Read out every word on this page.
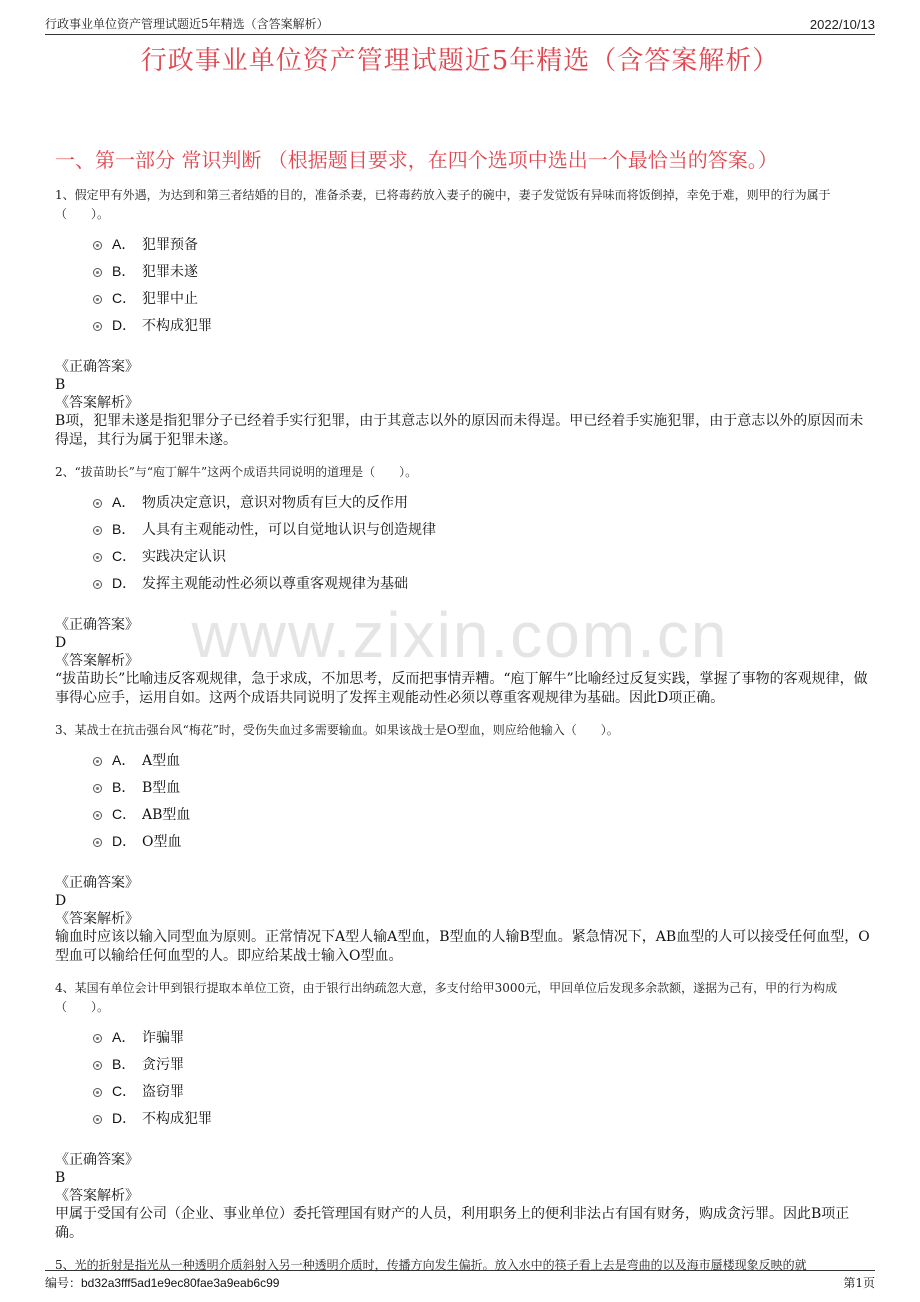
行政事业单位资产管理试题近5年精选（含答案解析）	2022/10/13
行政事业单位资产管理试题近5年精选（含答案解析）
一、第一部分 常识判断 （根据题目要求，在四个选项中选出一个最恰当的答案。）
www.zixin.com.cn
1、假定甲有外遇，为达到和第三者结婚的目的，准备杀妻，已将毒药放入妻子的碗中，妻子发觉饭有异味而将饭倒掉，幸免于难，则甲的行为属于（　　）。
A． 犯罪预备
B． 犯罪未遂
C． 犯罪中止
D． 不构成犯罪
《正确答案》
B
《答案解析》
B项，犯罪未遂是指犯罪分子已经着手实行犯罪，由于其意志以外的原因而未得逞。甲已经着手实施犯罪，由于意志以外的原因而未得逞，其行为属于犯罪未遂。
2、“拔苗助长”与“庖丁解牛”这两个成语共同说明的道理是（　　）。
A． 物质决定意识，意识对物质有巨大的反作用
B． 人具有主观能动性，可以自觉地认识与创造规律
C． 实践决定认识
D． 发挥主观能动性必须以尊重客观规律为基础
《正确答案》
D
《答案解析》
“拔苗助长”比喻违反客观规律，急于求成，不加思考，反而把事情弄糟。“庖丁解牛”比喻经过反复实践，掌握了事物的客观规律，做事得心应手，运用自如。这两个成语共同说明了发挥主观能动性必须以尊重客观规律为基础。因此D项正确。
3、某战士在抗击强台风“梅花”时，受伤失血过多需要输血。如果该战士是O型血，则应给他输入（　　）。
A． A型血
B． B型血
C． AB型血
D． O型血
《正确答案》
D
《答案解析》
输血时应该以输入同型血为原则。正常情况下A型人输A型血，B型血的人输B型血。紧急情况下，AB血型的人可以接受任何血型，O型血可以输给任何血型的人。即应给某战士输入O型血。
4、某国有单位会计甲到银行提取本单位工资，由于银行出纳疏忽大意，多支付给甲3000元，甲回单位后发现多余款额，遂据为己有，甲的行为构成（　　）。
A． 诈骗罪
B． 贪污罪
C． 盗窃罪
D． 不构成犯罪
《正确答案》
B
《答案解析》
甲属于受国有公司（企业、事业单位）委托管理国有财产的人员，利用职务上的便利非法占有国有财务，购成贪污罪。因此B项正确。
5、光的折射是指光从一种透明介质斜射入另一种透明介质时，传播方向发生偏折。放入水中的筷子看上去是弯曲的以及海市蜃楼现象反映的就
编号：bd32a3fff5ad1e9ec80fae3a9eab6c99	第1页
